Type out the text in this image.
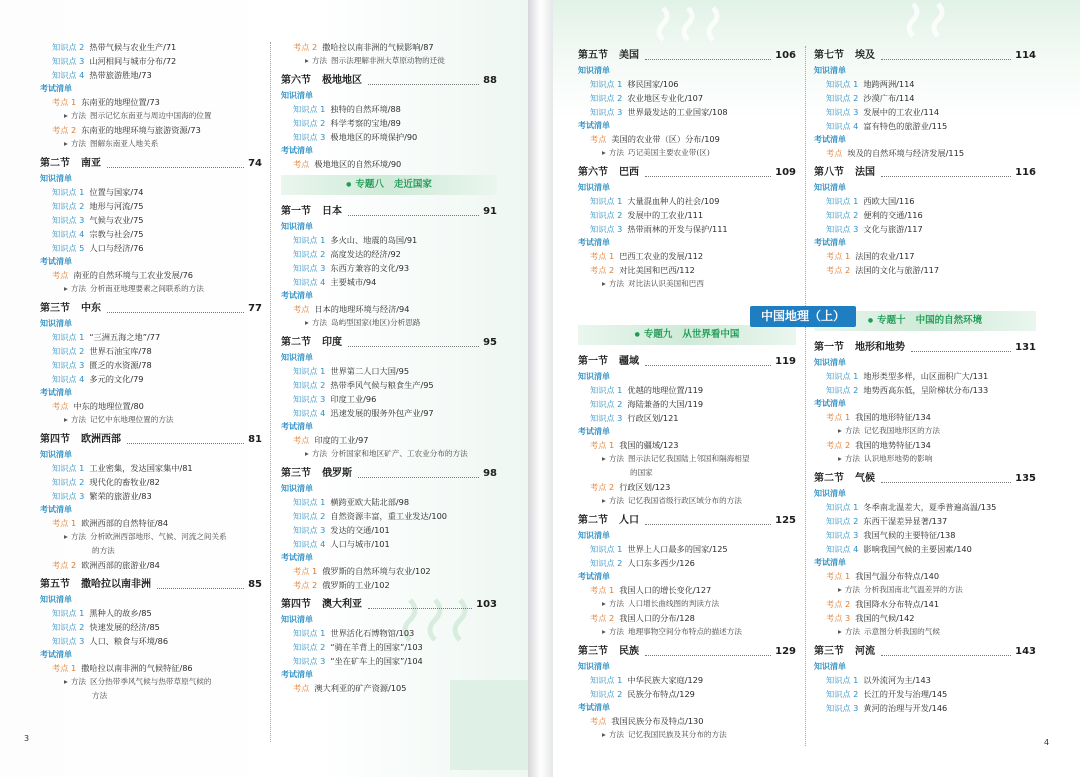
知识点 2 热带气候与农业生产/71
知识点 3 山河相间与城市分布/72
知识点 4 热带旅游胜地/73
考试清单
考点 1 东南亚的地理位置/73
▸ 方法 图示记忆东南亚与周边中国海的位置
考点 2 东南亚的地理环境与旅游资源/73
▸ 方法 图解东南亚人地关系
第二节 南亚	74
知识清单
知识点 1 位置与国家/74
知识点 2 地形与河流/75
知识点 3 气候与农业/75
知识点 4 宗教与社会/75
知识点 5 人口与经济/76
考试清单
考点 南亚的自然环境与工农业发展/76
▸ 方法 分析南亚地理要素之间联系的方法
第三节 中东	77
知识清单
知识点 1 “三洲五海之地”/77
知识点 2 世界石油宝库/78
知识点 3 匮乏的水资源/78
知识点 4 多元的文化/79
考试清单
考点 中东的地理位置/80
▸ 方法 记忆中东地理位置的方法
第四节 欧洲西部	81
知识清单
知识点 1 工业密集，发达国家集中/81
知识点 2 现代化的畜牧业/82
知识点 3 繁荣的旅游业/83
考试清单
考点 1 欧洲西部的自然特征/84
▸ 方法 分析欧洲西部地形、气候、河流之间关系
的方法
考点 2 欧洲西部的旅游业/84
第五节 撒哈拉以南非洲	85
知识清单
知识点 1 黑种人的故乡/85
知识点 2 快速发展的经济/85
知识点 3 人口、粮食与环境/86
考试清单
考点 1 撒哈拉以南非洲的气候特征/86
▸ 方法 区分热带季风气候与热带草原气候的
方法
考点 2 撒哈拉以南非洲的气候影响/87
▸ 方法 图示法理解非洲大草原动物的迁徙
第六节 极地地区	88
知识清单
知识点 1 独特的自然环境/88
知识点 2 科学考察的宝地/89
知识点 3 极地地区的环境保护/90
考试清单
考点 极地地区的自然环境/90
● 专题八 走近国家
第一节 日本	91
知识清单
知识点 1 多火山、地震的岛国/91
知识点 2 高度发达的经济/92
知识点 3 东西方兼容的文化/93
知识点 4 主要城市/94
考试清单
考点 日本的地理环境与经济/94
▸ 方法 岛屿型国家(地区)分析思路
第二节 印度	95
知识清单
知识点 1 世界第二人口大国/95
知识点 2 热带季风气候与粮食生产/95
知识点 3 印度工业/96
知识点 4 迅速发展的服务外包产业/97
考试清单
考点 印度的工业/97
▸ 方法 分析国家和地区矿产、工农业分布的方法
第三节 俄罗斯	98
知识清单
知识点 1 横跨亚欧大陆北部/98
知识点 2 自然资源丰富，重工业发达/100
知识点 3 发达的交通/101
知识点 4 人口与城市/101
考试清单
考点 1 俄罗斯的自然环境与农业/102
考点 2 俄罗斯的工业/102
第四节 澳大利亚	103
知识清单
知识点 1 世界活化石博物馆/103
知识点 2 “骑在羊背上的国家”/103
知识点 3 “坐在矿车上的国家”/104
考试清单
考点 澳大利亚的矿产资源/105
3
第五节 美国	106
知识清单
知识点 1 移民国家/106
知识点 2 农业地区专业化/107
知识点 3 世界最发达的工业国家/108
考试清单
考点 美国的农业带（区）分布/109
▸ 方法 巧记美国主要农业带(区)
第六节 巴西	109
知识清单
知识点 1 大量混血种人的社会/109
知识点 2 发展中的工农业/111
知识点 3 热带雨林的开发与保护/111
考试清单
考点 1 巴西工农业的发展/112
考点 2 对比美国和巴西/112
▸ 方法 对比法认识美国和巴西
● 专题九 从世界看中国
第一节 疆域	119
知识清单
知识点 1 优越的地理位置/119
知识点 2 海陆兼备的大国/119
知识点 3 行政区划/121
考试清单
考点 1 我国的疆域/123
▸ 方法 图示法记忆我国陆上邻国和隔海相望
的国家
考点 2 行政区划/123
▸ 方法 记忆我国省级行政区域分布的方法
第二节 人口	125
知识清单
知识点 1 世界上人口最多的国家/125
知识点 2 人口东多西少/126
考试清单
考点 1 我国人口的增长变化/127
▸ 方法 人口增长曲线图的判读方法
考点 2 我国人口的分布/128
▸ 方法 地理事物空间分布特点的描述方法
第三节 民族	129
知识清单
知识点 1 中华民族大家庭/129
知识点 2 民族分布特点/129
考试清单
考点 我国民族分布及特点/130
▸ 方法 记忆我国民族及其分布的方法
第七节 埃及	114
知识清单
知识点 1 地跨两洲/114
知识点 2 沙漠广布/114
知识点 3 发展中的工农业/114
知识点 4 富有特色的旅游业/115
考试清单
考点 埃及的自然环境与经济发展/115
第八节 法国	116
知识清单
知识点 1 西欧大国/116
知识点 2 便利的交通/116
知识点 3 文化与旅游/117
考试清单
考点 1 法国的农业/117
考点 2 法国的文化与旅游/117
● 专题十 中国的自然环境
第一节 地形和地势	131
知识清单
知识点 1 地形类型多样，山区面积广大/131
知识点 2 地势西高东低，呈阶梯状分布/133
考试清单
考点 1 我国的地形特征/134
▸ 方法 记忆我国地形区的方法
考点 2 我国的地势特征/134
▸ 方法 认识地形地势的影响
第二节 气候	135
知识清单
知识点 1 冬季南北温差大，夏季普遍高温/135
知识点 2 东西干湿差异显著/137
知识点 3 我国气候的主要特征/138
知识点 4 影响我国气候的主要因素/140
考试清单
考点 1 我国气温分布特点/140
▸ 方法 分析我国南北气温差异的方法
考点 2 我国降水分布特点/141
考点 3 我国的气候/142
▸ 方法 示意图分析我国的气候
第三节 河流	143
知识清单
知识点 1 以外流河为主/143
知识点 2 长江的开发与治理/145
知识点 3 黄河的治理与开发/146
4
中国地理（上）
